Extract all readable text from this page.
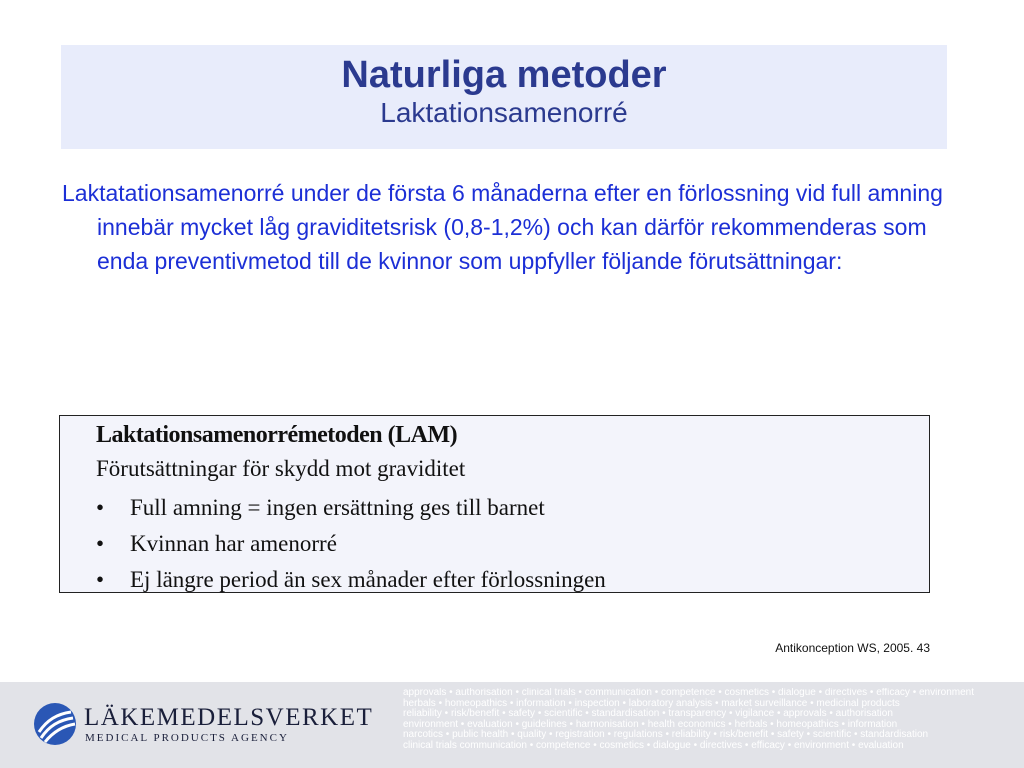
Naturliga metoder

Laktationsamenorré

Laktatationsamenorré under de första 6 månaderna efter en förlossning vid full amning innebär mycket låg graviditetsrisk (0,8-1,2%) och kan därför rekommenderas som enda preventivmetod till de kvinnor som uppfyller följande förutsättningar:

Laktationsamenorrémetoden (LAM)
Förutsättningar för skydd mot graviditet
•	Full amning = ingen ersättning ges till barnet
•	Kvinnan har amenorré
•	Ej längre period än sex månader efter förlossningen
Antikonception WS, 2005. 43
LÄKEMEDELSVERKET
MEDICAL PRODUCTS AGENCY
approvals • authorisation • clinical trials • communication • competence • cosmetics • dialogue • directives • efficacy • environment
herbals • homeopathics • information • inspection • laboratory analysis • market surveillance • medicinal products
reliability • risk/benefit • safety • scientific • standardisation • transparency • vigilance • approvals • authorisation
environment • evaluation • guidelines • harmonisation • health economics • herbals • homeopathics • information
narcotics • public health • quality • registration • regulations • reliability • risk/benefit • safety • scientific • standardisation
clinical trials communication • competence • cosmetics • dialogue • directives • efficacy • environment • evaluation
